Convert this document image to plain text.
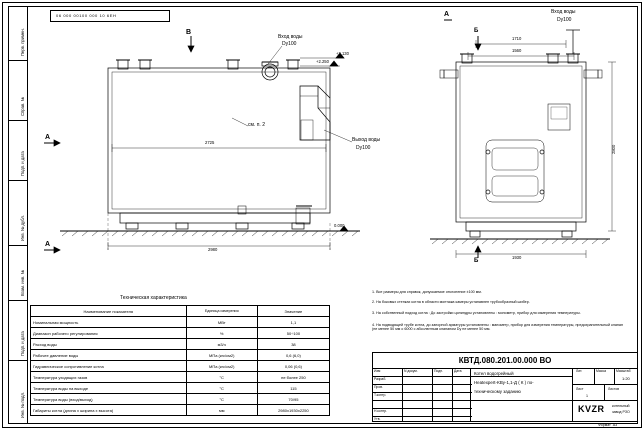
Перв. примен.
Справ. №
Подп. и дата
Инв. № дубл.
Взам. инв. №
Подп. и дата
Инв. № подл.
06 000 00100 000 10 6EH
Вход воды
Dy100
Выход воды
Dy100
см. п. 2
2725
2980
+2.250
+2.130
0.000
В
А
А
А
Б
Б
Вход воды
Dy100
1710
1560
1930
2800
1. Все размеры для справок, допускаемое отклонение ±100 мм.
2. На боковых стенках котла в области монтажа камеры устанавлен трубообразный шибер.
3. На собственный подход котла : До застройки цилиндры установлены : монометр, прибор для измерения температуры.
4. На подводящей трубе котла, до запорной арматуры установлены : манометр, прибор для измерения температуры, предохранительный клапан (не менее 50 мм о 6000 с абсолютным клапаном Dу не менее 50 мм.
Техническая характеристика
Наименование показателя	Единица измерения	Значение
Номинальная мощность	МВт	1,1
Диапазон рабочего регулирования	%	50÷100
Расход воды	м3/ч	38
Рабочее давление воды	МПа (кгс/см2)	0,6 (6,0)
Гидравлическое сопротивление котла	МПа (кгс/см2)	0,06 (0,6)
Температура уходящих газов	°С	не более 250
Температура воды на выходе	°С	115
Температура воды (вход/выход)	°С	70/95
Габариты котла (длина х ширина х высота)	мм	2980х1930х2250
КВТД.080.201.00.000 ВО
Изм	N докум.	Подп.	Дата
Разраб.
Пров.
Т.контр.
Н.контр.
Утв.
Котел водогрейный
Heatexpert-KBу-1,1-Д ( К ) по-
техническому заданию
Лит.	Масса	Масштаб
1:20
Лист
1
Листов
KVZR котельный
завод РЗО
Формат  А3
